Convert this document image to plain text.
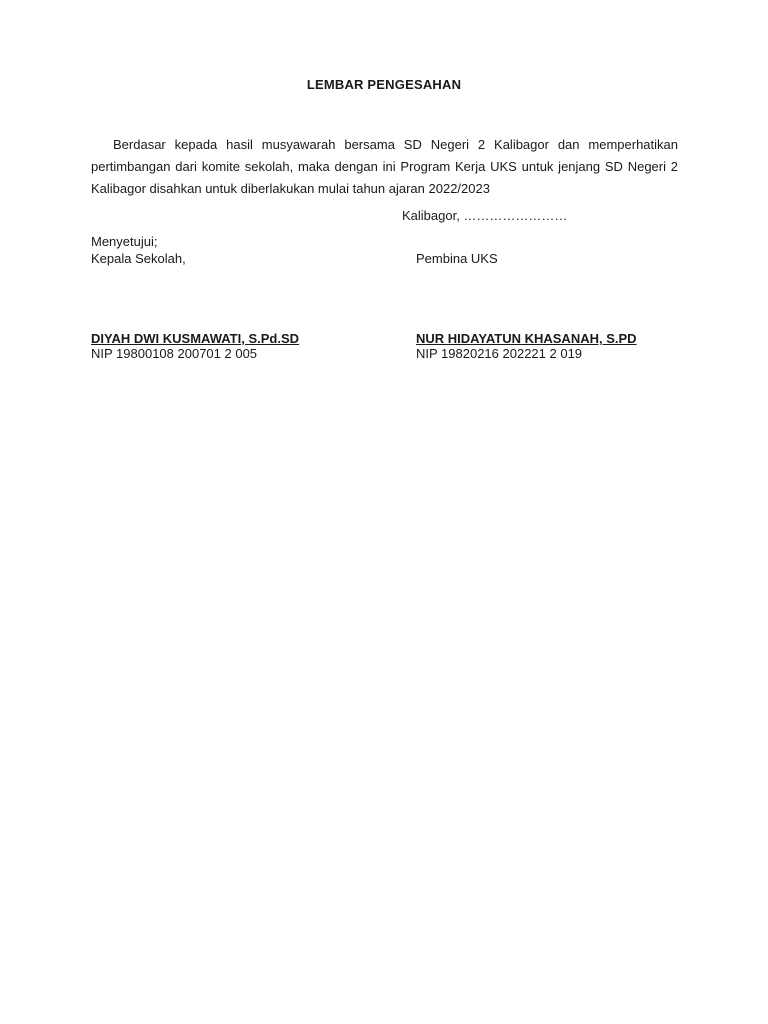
LEMBAR PENGESAHAN
Berdasar kepada hasil musyawarah bersama SD Negeri 2 Kalibagor dan memperhatikan pertimbangan dari komite sekolah, maka dengan ini Program Kerja UKS untuk jenjang SD Negeri 2 Kalibagor disahkan untuk diberlakukan mulai tahun ajaran 2022/2023
Kalibagor, ……………………
Menyetujui;
Kepala Sekolah,	Pembina UKS
DIYAH DWI KUSMAWATI, S.Pd.SD
NIP 19800108 200701 2 005
NUR HIDAYATUN KHASANAH, S.PD
NIP 19820216 202221 2 019
